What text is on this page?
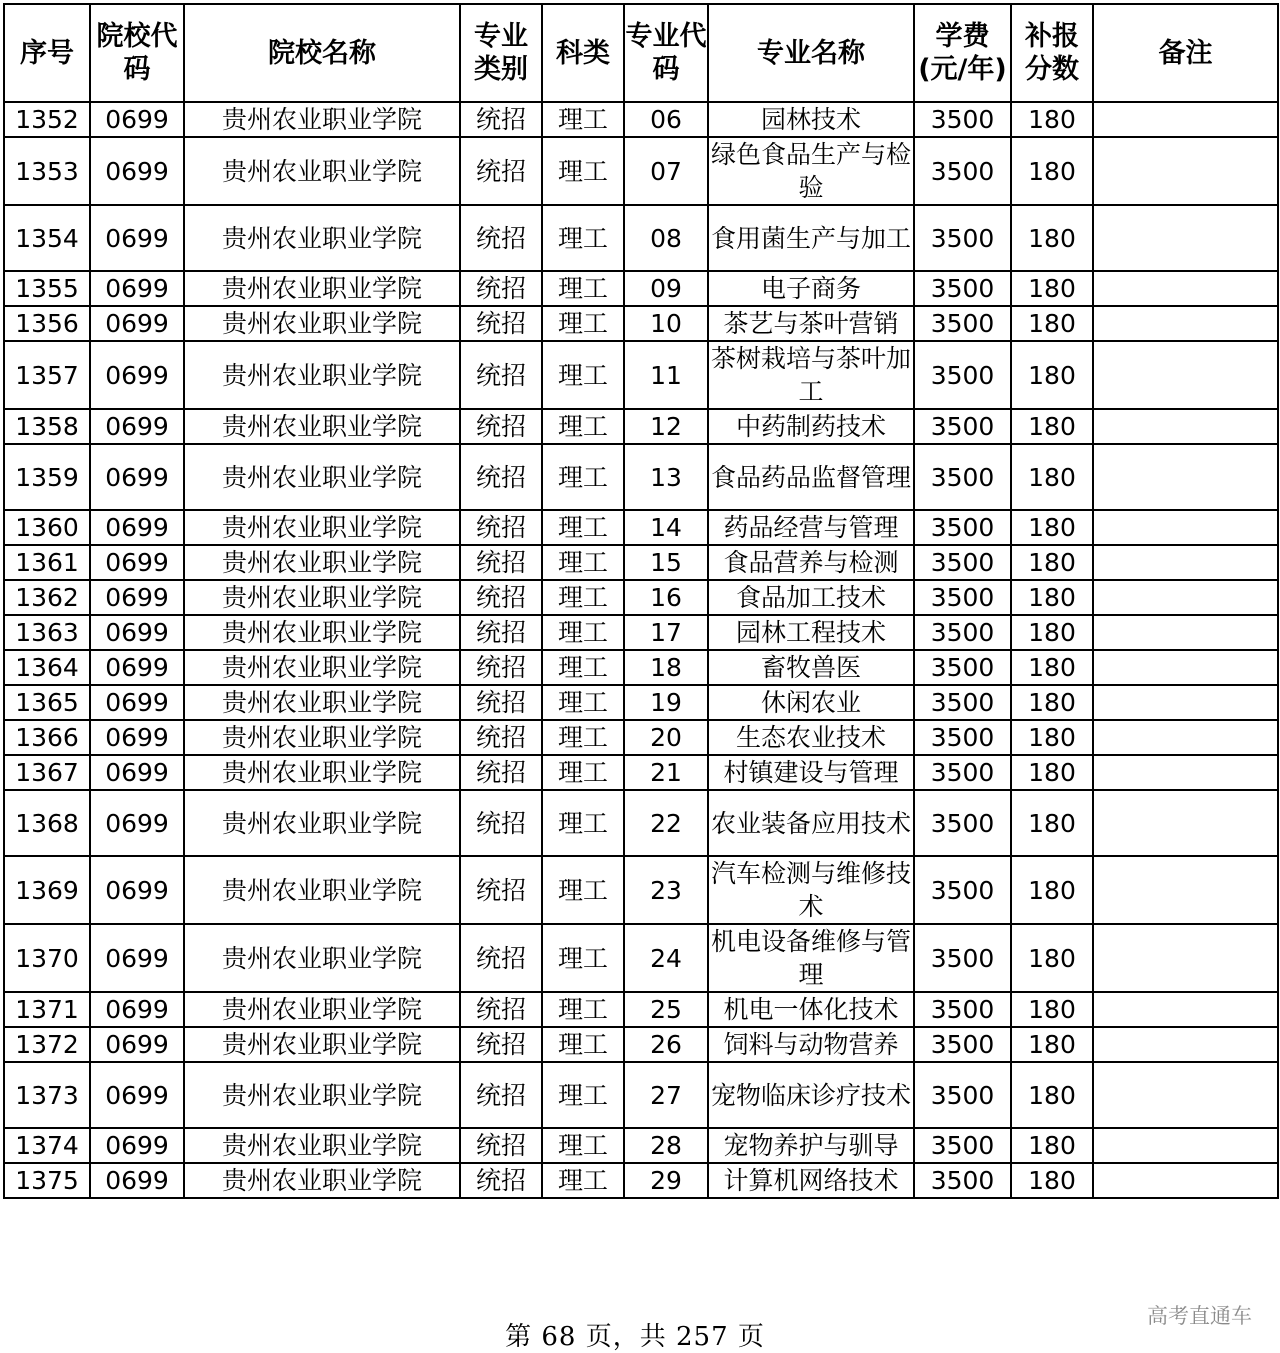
序号	院校代码	院校名称	专业类别	科类	专业代码	专业名称	学费(元/年)	补报分数	备注
1352	0699	贵州农业职业学院	统招	理工	06	园林技术	3500	180	
1353	0699	贵州农业职业学院	统招	理工	07	绿色食品生产与检验	3500	180	
1354	0699	贵州农业职业学院	统招	理工	08	食用菌生产与加工	3500	180	
1355	0699	贵州农业职业学院	统招	理工	09	电子商务	3500	180	
1356	0699	贵州农业职业学院	统招	理工	10	茶艺与茶叶营销	3500	180	
1357	0699	贵州农业职业学院	统招	理工	11	茶树栽培与茶叶加工	3500	180	
1358	0699	贵州农业职业学院	统招	理工	12	中药制药技术	3500	180	
1359	0699	贵州农业职业学院	统招	理工	13	食品药品监督管理	3500	180	
1360	0699	贵州农业职业学院	统招	理工	14	药品经营与管理	3500	180	
1361	0699	贵州农业职业学院	统招	理工	15	食品营养与检测	3500	180	
1362	0699	贵州农业职业学院	统招	理工	16	食品加工技术	3500	180	
1363	0699	贵州农业职业学院	统招	理工	17	园林工程技术	3500	180	
1364	0699	贵州农业职业学院	统招	理工	18	畜牧兽医	3500	180	
1365	0699	贵州农业职业学院	统招	理工	19	休闲农业	3500	180	
1366	0699	贵州农业职业学院	统招	理工	20	生态农业技术	3500	180	
1367	0699	贵州农业职业学院	统招	理工	21	村镇建设与管理	3500	180	
1368	0699	贵州农业职业学院	统招	理工	22	农业装备应用技术	3500	180	
1369	0699	贵州农业职业学院	统招	理工	23	汽车检测与维修技术	3500	180	
1370	0699	贵州农业职业学院	统招	理工	24	机电设备维修与管理	3500	180	
1371	0699	贵州农业职业学院	统招	理工	25	机电一体化技术	3500	180	
1372	0699	贵州农业职业学院	统招	理工	26	饲料与动物营养	3500	180	
1373	0699	贵州农业职业学院	统招	理工	27	宠物临床诊疗技术	3500	180	
1374	0699	贵州农业职业学院	统招	理工	28	宠物养护与驯导	3500	180	
1375	0699	贵州农业职业学院	统招	理工	29	计算机网络技术	3500	180	
第 68 页，共 257 页
高考直通车
